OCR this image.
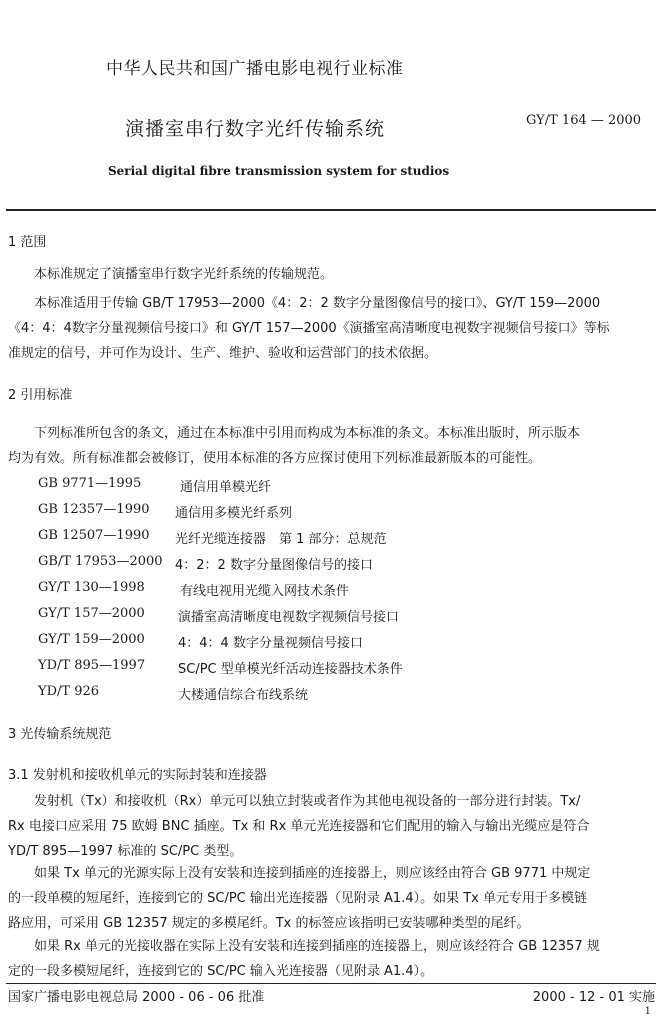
中华人民共和国广播电影电视行业标准
演播室串行数字光纤传输系统	GY/T 164 — 2000
Serial digital fibre transmission system for studios
1 范围
本标准规定了演播室串行数字光纤系统的传输规范。
本标准适用于传输 GB/T 17953—2000《4：2：2 数字分量图像信号的接口》、GY/T 159—2000
《4：4：4数字分量视频信号接口》和 GY/T 157—2000《演播室高清晰度电视数字视频信号接口》等标
准规定的信号，并可作为设计、生产、维护、验收和运营部门的技术依据。
2 引用标准
下列标准所包含的条文，通过在本标准中引用而构成为本标准的条文。本标准出版时，所示版本
均为有效。所有标准都会被修订，使用本标准的各方应探讨使用下列标准最新版本的可能性。
GB 9771—1995	通信用单模光纤
GB 12357—1990 通信用多模光纤系列
GB 12507—1990 光纤光缆连接器　第 1 部分：总规范
GB/T 17953—2000 4：2：2 数字分量图像信号的接口
GY/T 130—1998	有线电视用光缆入网技术条件
GY/T 157—2000	演播室高清晰度电视数字视频信号接口
GY/T 159—2000	4：4：4 数字分量视频信号接口
YD/T 895—1997	SC/PC 型单模光纤活动连接器技术条件
YD/T 926	大楼通信综合布线系统
3 光传输系统规范
3.1 发射机和接收机单元的实际封装和连接器
发射机（Tx）和接收机（Rx）单元可以独立封装或者作为其他电视设备的一部分进行封装。Tx/
Rx 电接口应采用 75 欧姆 BNC 插座。Tx 和 Rx 单元光连接器和它们配用的输入与输出光缆应是符合
YD/T 895—1997 标准的 SC/PC 类型。
如果 Tx 单元的光源实际上没有安装和连接到插座的连接器上，则应该经由符合 GB 9771 中规定
的一段单模的短尾纤，连接到它的 SC/PC 输出光连接器（见附录 A1.4）。如果 Tx 单元专用于多模链
路应用，可采用 GB 12357 规定的多模尾纤。Tx 的标签应该指明已安装哪种类型的尾纤。
如果 Rx 单元的光接收器在实际上没有安装和连接到插座的连接器上，则应该经符合 GB 12357 规
定的一段多模短尾纤，连接到它的 SC/PC 输入光连接器（见附录 A1.4）。
国家广播电影电视总局 2000 - 06 - 06 批准	2000 - 12 - 01 实施
1
